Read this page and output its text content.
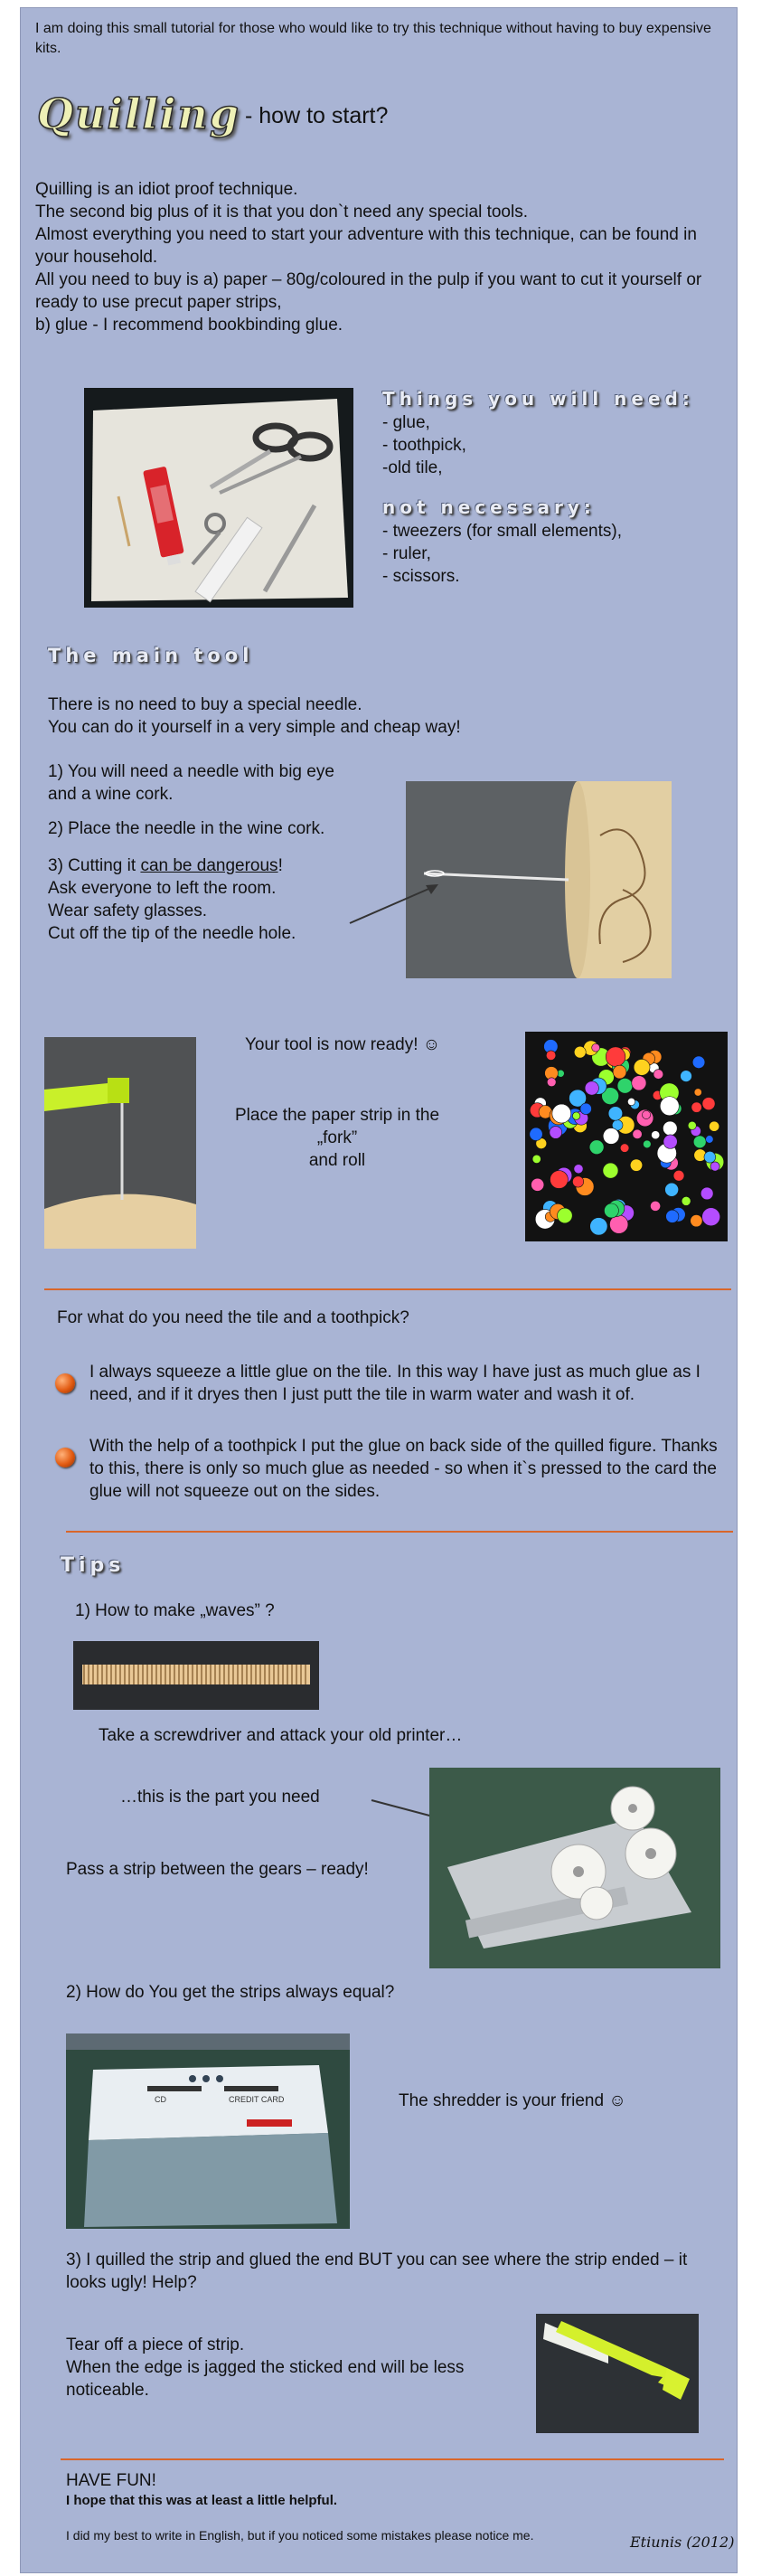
I am doing this small tutorial for those who would like to try this technique without having to buy expensive kits.
Quilling - how to start?
Quilling is an idiot proof technique.
The second big plus of it is that you don`t need any special tools.
Almost everything you need to start your adventure with this technique, can be found in your household.
All you need to buy is a) paper – 80g/coloured in the pulp if you want to cut it yourself or ready to use precut paper strips,
b) glue - I recommend bookbinding glue.
Things you will need:
- glue,
- toothpick,
-old tile,
not necessary:
- tweezers (for small elements),
- ruler,
- scissors.
The main tool
There is no need to buy a special needle.
You can do it yourself in a very simple and cheap way!
1) You will need a needle with big eye
and a wine cork.
2) Place the needle in the wine cork.
3) Cutting it can be dangerous!
Ask everyone to left the room.
Wear safety glasses.
Cut off the tip of the needle hole.
Your tool is now ready! ☺
Place the paper strip in the „fork”
and roll
For what do you need the tile and a toothpick?
I always squeeze a little glue on the tile. In this way I have just as much glue as I need, and if it dryes then I just putt the tile in warm water and wash it of.
With the help of a toothpick I put the glue on back side of the quilled figure. Thanks to this, there is only so much glue as needed - so when it`s pressed to the card the glue will not squeeze out on the sides.
Tips
1) How to make „waves” ?
Take a screwdriver and attack your old printer…
…this is the part you need
Pass a strip between the gears – ready!
2) How do You get the strips always equal?
CD	CREDIT CARD	The shredder is your friend ☺
3) I quilled the strip and glued the end BUT you can see where the strip ended – it looks ugly! Help?
Tear off a piece of strip.
When the edge is jagged the sticked end will be less noticeable.
HAVE FUN!
I hope that this was at least a little helpful.
I did my best to write in English, but if you noticed some mistakes please notice me.	Etiunis (2012)
